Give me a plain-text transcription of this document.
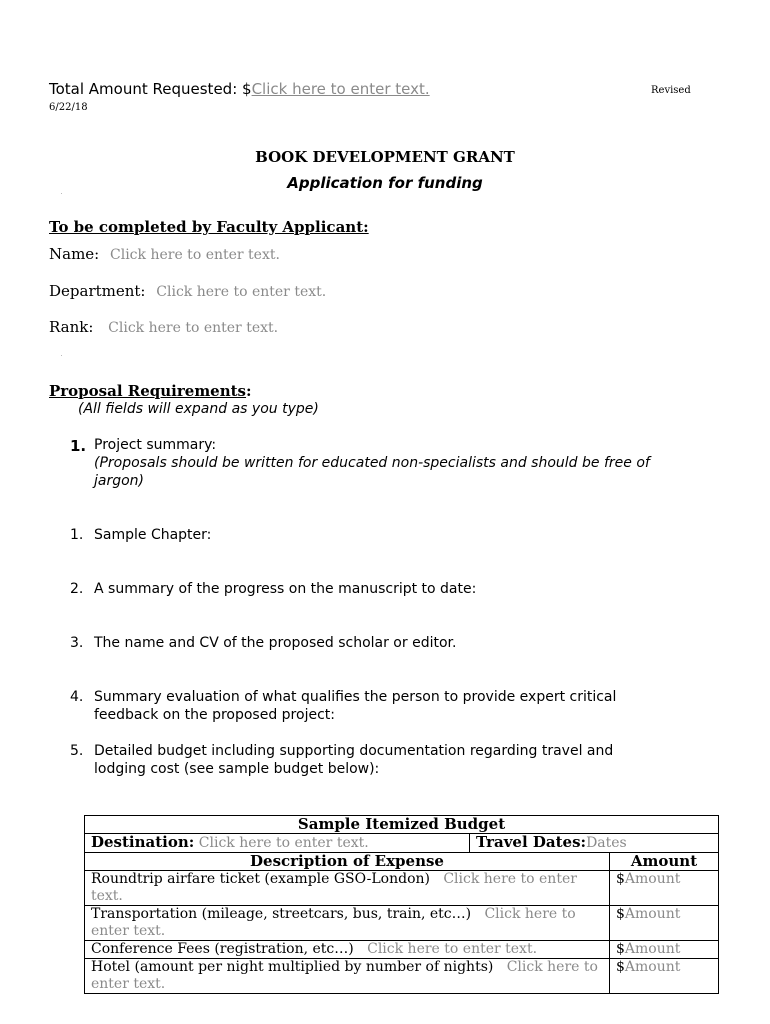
Total Amount Requested: $Click here to enter text.	Revised
6/22/18
BOOK DEVELOPMENT GRANT
Application for funding
To be completed by Faculty Applicant:
Name: Click here to enter text.
Department: Click here to enter text.
Rank: Click here to enter text.
Proposal Requirements:
(All fields will expand as you type)
1. Project summary:
(Proposals should be written for educated non-specialists and should be free of
jargon)
1. Sample Chapter:
2. A summary of the progress on the manuscript to date:
3. The name and CV of the proposed scholar or editor.
4. Summary evaluation of what qualifies the person to provide expert critical
feedback on the proposed project:
5. Detailed budget including supporting documentation regarding travel and
lodging cost (see sample budget below):
Sample Itemized Budget		
Destination: Click here to enter text.	Travel Dates:Dates	
Description of Expense		Amount
Roundtrip airfare ticket (example GSO-London) Click here to enter
text.		$Amount
Transportation (mileage, streetcars, bus, train, etc…) Click here to
enter text.		$Amount
Conference Fees (registration, etc…) Click here to enter text.		$Amount
Hotel (amount per night multiplied by number of nights) Click here to
enter text.		$Amount
